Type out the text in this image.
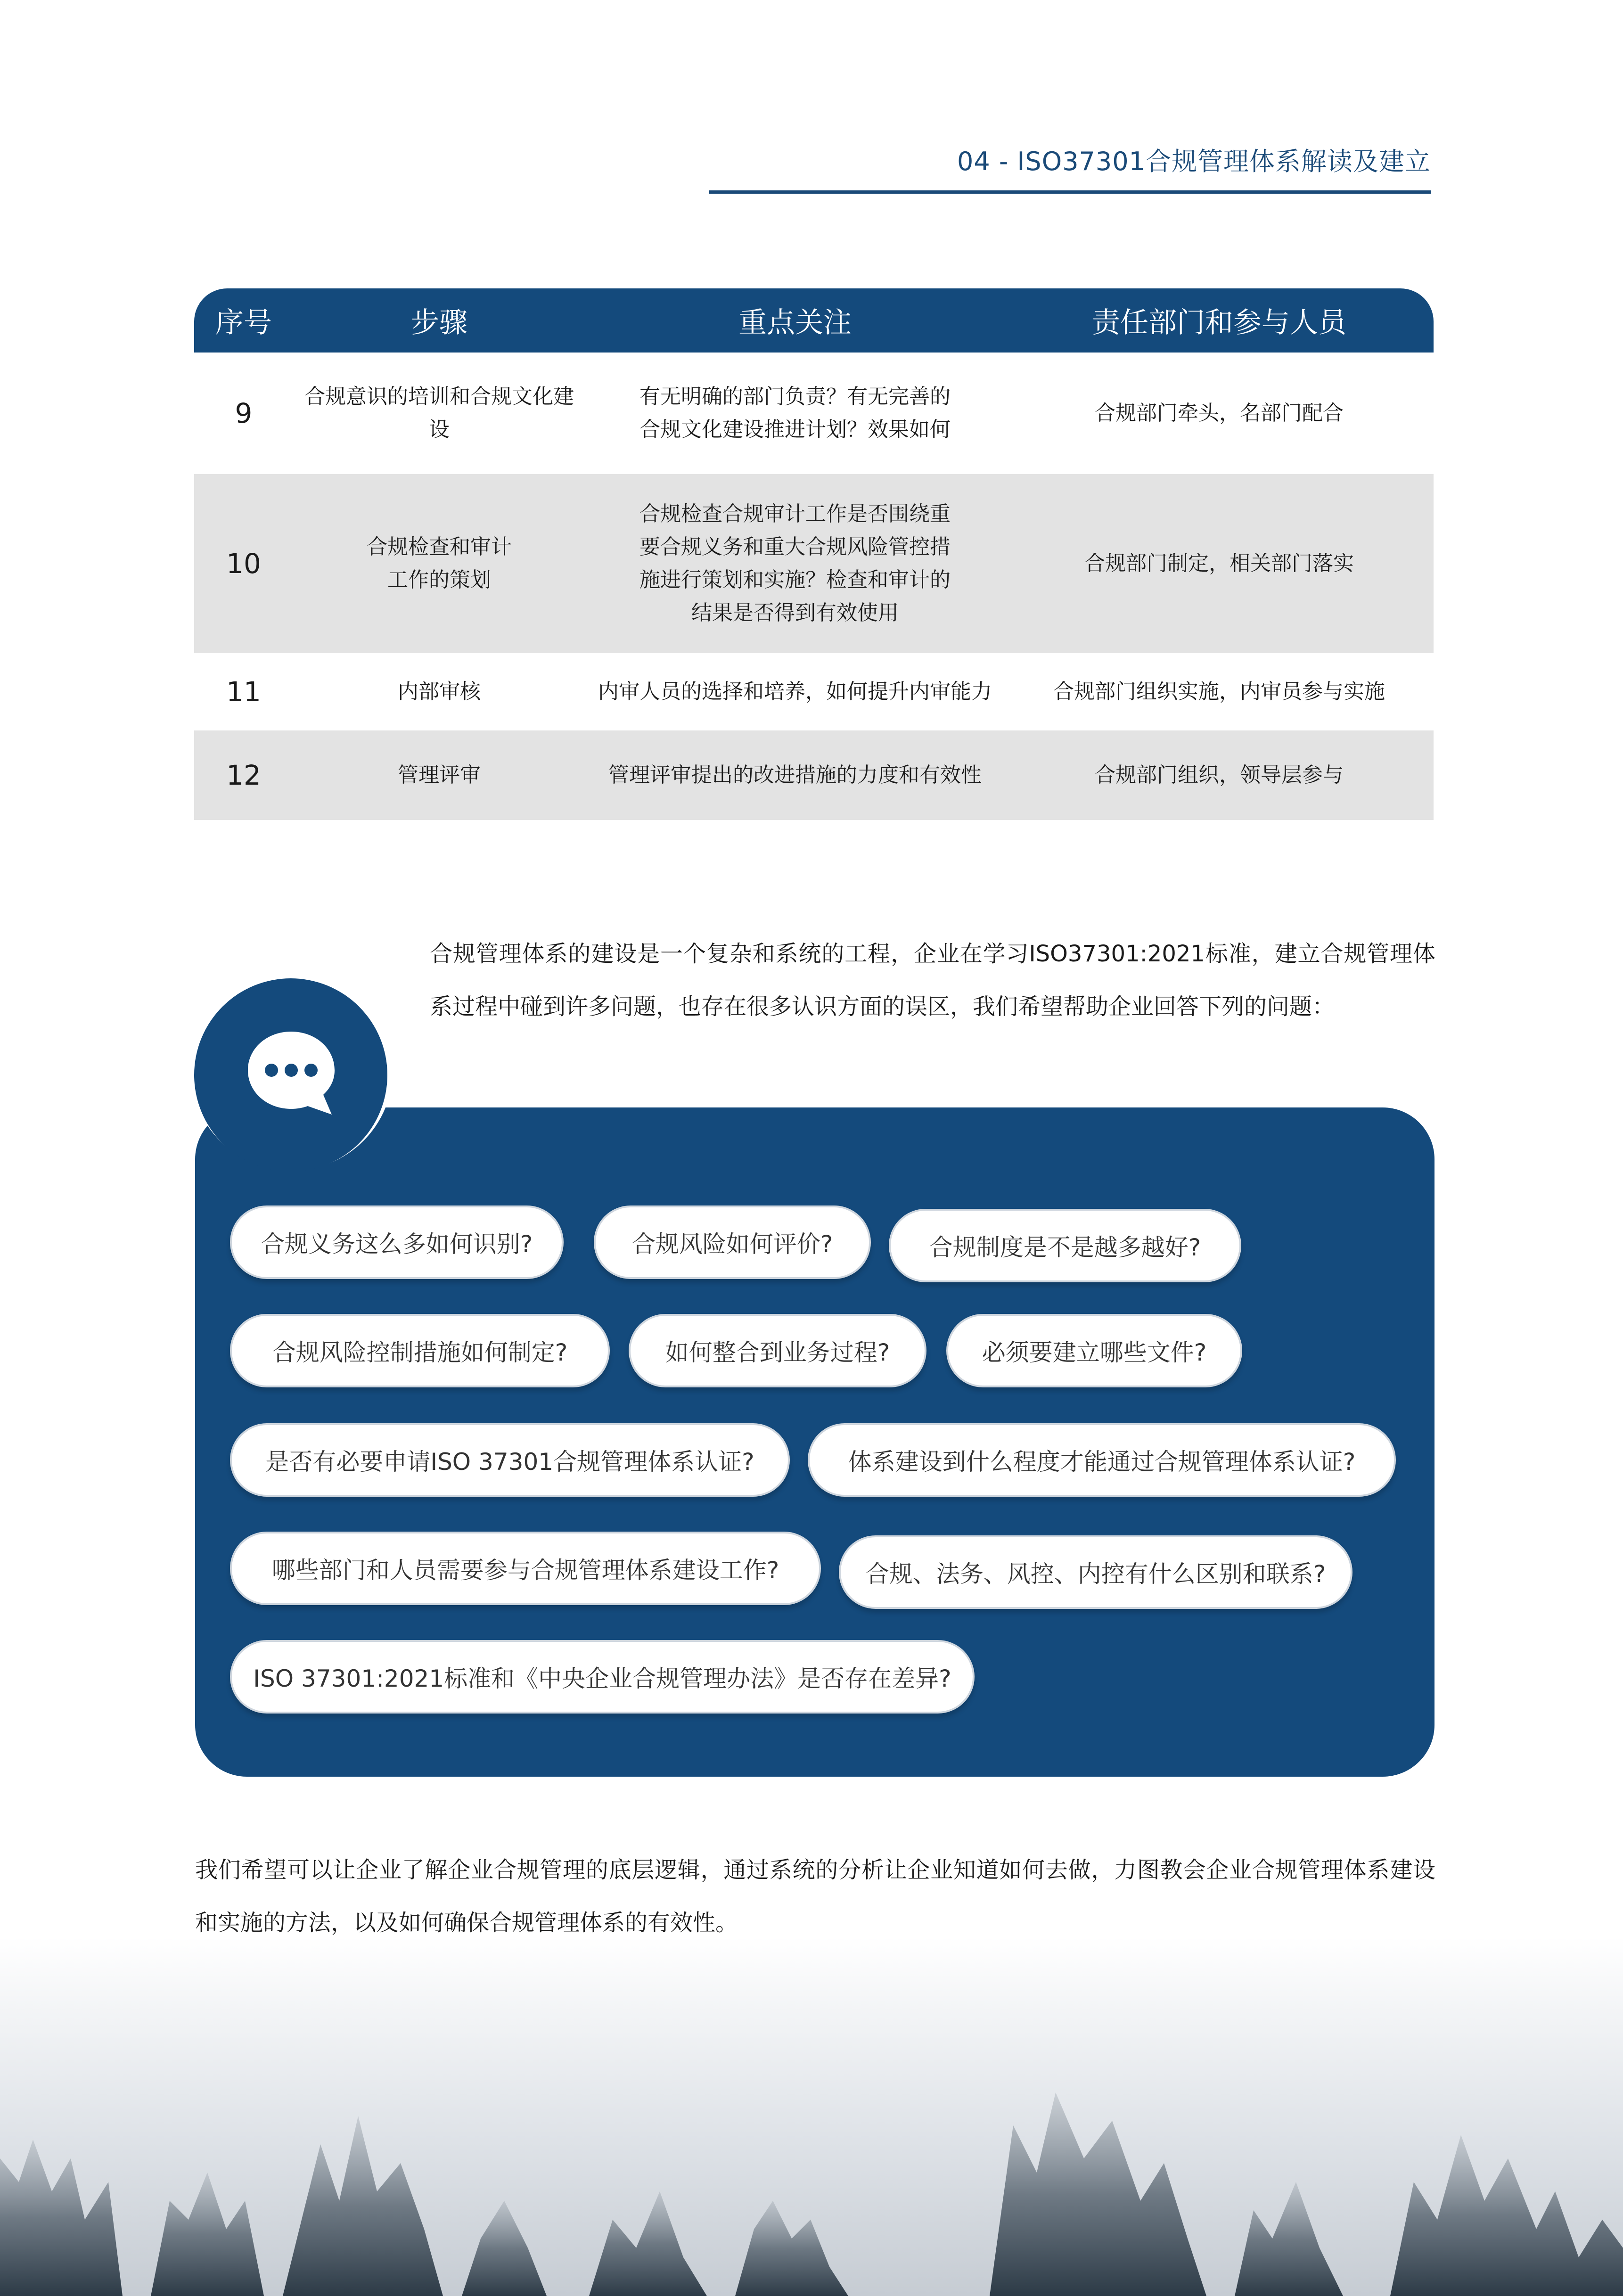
04 - ISO37301合规管理体系解读及建立
序号	步骤	重点关注	责任部门和参与人员
9	合规意识的培训和合规文化建设	有无明确的部门负责？有无完善的合规文化建设推进计划？效果如何	合规部门牵头，名部门配合
10	合规检查和审计工作的策划	合规检查合规审计工作是否围绕重要合规义务和重大合规风险管控措施进行策划和实施？检查和审计的结果是否得到有效使用	合规部门制定，相关部门落实
11	内部审核	内审人员的选择和培养，如何提升内审能力	合规部门组织实施，内审员参与实施
12	管理评审	管理评审提出的改进措施的力度和有效性	合规部门组织，领导层参与
合规管理体系的建设是一个复杂和系统的工程，企业在学习ISO37301:2021标准，建立合规管理体系过程中碰到许多问题，也存在很多认识方面的误区，我们希望帮助企业回答下列的问题：
合规义务这么多如何识别?	合规风险如何评价?	合规制度是不是越多越好?
合规风险控制措施如何制定?	如何整合到业务过程?	必须要建立哪些文件?
是否有必要申请ISO 37301合规管理体系认证?	体系建设到什么程度才能通过合规管理体系认证?
哪些部门和人员需要参与合规管理体系建设工作?	合规、法务、风控、内控有什么区别和联系?
ISO 37301:2021标准和《中央企业合规管理办法》是否存在差异?
我们希望可以让企业了解企业合规管理的底层逻辑，通过系统的分析让企业知道如何去做，力图教会企业合规管理体系建设和实施的方法，以及如何确保合规管理体系的有效性。
